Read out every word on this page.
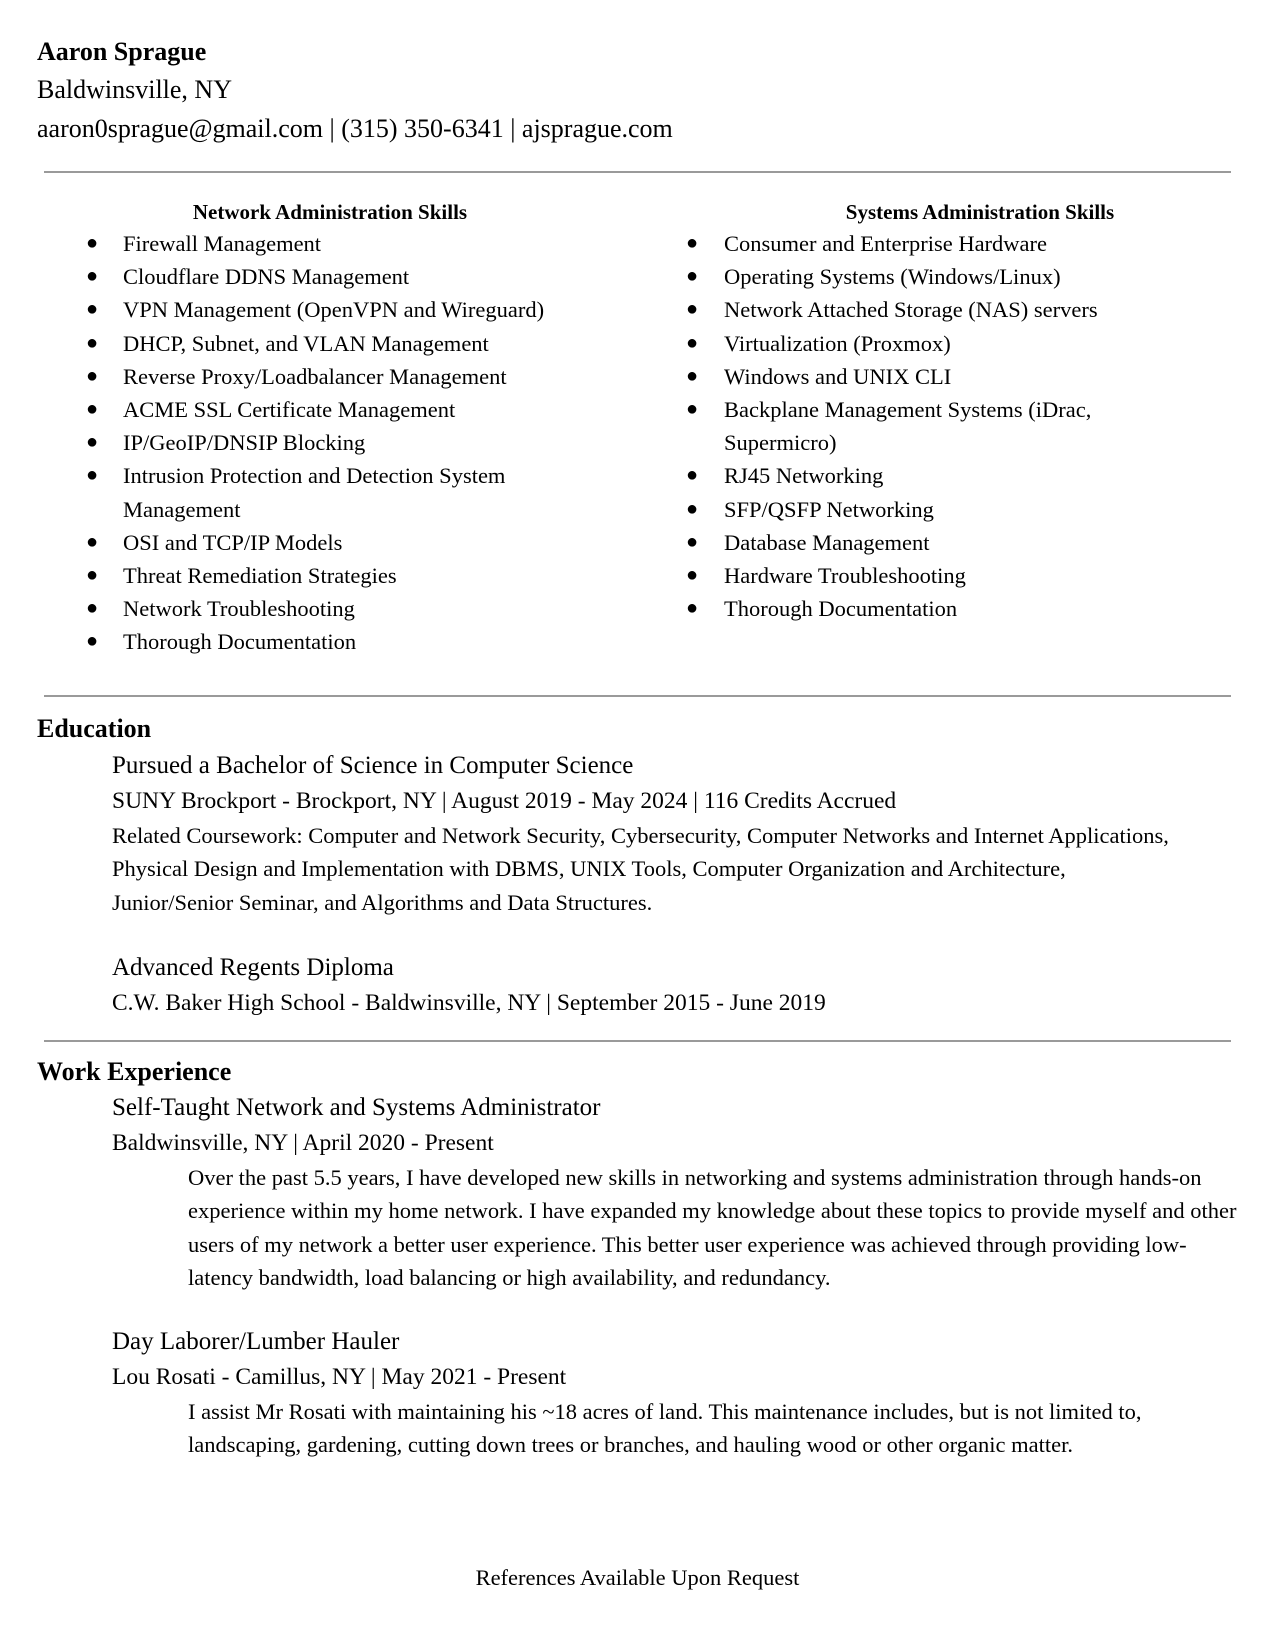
Aaron Sprague
Baldwinsville, NY
aaron0sprague@gmail.com | (315) 350-6341 | ajsprague.com
Network Administration Skills
● Firewall Management
● Cloudflare DDNS Management
● VPN Management (OpenVPN and Wireguard)
● DHCP, Subnet, and VLAN Management
● Reverse Proxy/Loadbalancer Management
● ACME SSL Certificate Management
● IP/GeoIP/DNSIP Blocking
● Intrusion Protection and Detection System Management
● OSI and TCP/IP Models
● Threat Remediation Strategies
● Network Troubleshooting
● Thorough Documentation
Systems Administration Skills
● Consumer and Enterprise Hardware
● Operating Systems (Windows/Linux)
● Network Attached Storage (NAS) servers
● Virtualization (Proxmox)
● Windows and UNIX CLI
● Backplane Management Systems (iDrac, Supermicro)
● RJ45 Networking
● SFP/QSFP Networking
● Database Management
● Hardware Troubleshooting
● Thorough Documentation
Education
Pursued a Bachelor of Science in Computer Science
SUNY Brockport - Brockport, NY | August 2019 - May 2024 | 116 Credits Accrued
Related Coursework: Computer and Network Security, Cybersecurity, Computer Networks and Internet Applications, Physical Design and Implementation with DBMS, UNIX Tools, Computer Organization and Architecture, Junior/Senior Seminar, and Algorithms and Data Structures.
Advanced Regents Diploma
C.W. Baker High School - Baldwinsville, NY | September 2015 - June 2019
Work Experience
Self-Taught Network and Systems Administrator
Baldwinsville, NY | April 2020 - Present
Over the past 5.5 years, I have developed new skills in networking and systems administration through hands-on experience within my home network. I have expanded my knowledge about these topics to provide myself and other users of my network a better user experience. This better user experience was achieved through providing low-latency bandwidth, load balancing or high availability, and redundancy.
Day Laborer/Lumber Hauler
Lou Rosati - Camillus, NY | May 2021 - Present
I assist Mr Rosati with maintaining his ~18 acres of land. This maintenance includes, but is not limited to, landscaping, gardening, cutting down trees or branches, and hauling wood or other organic matter.
References Available Upon Request
